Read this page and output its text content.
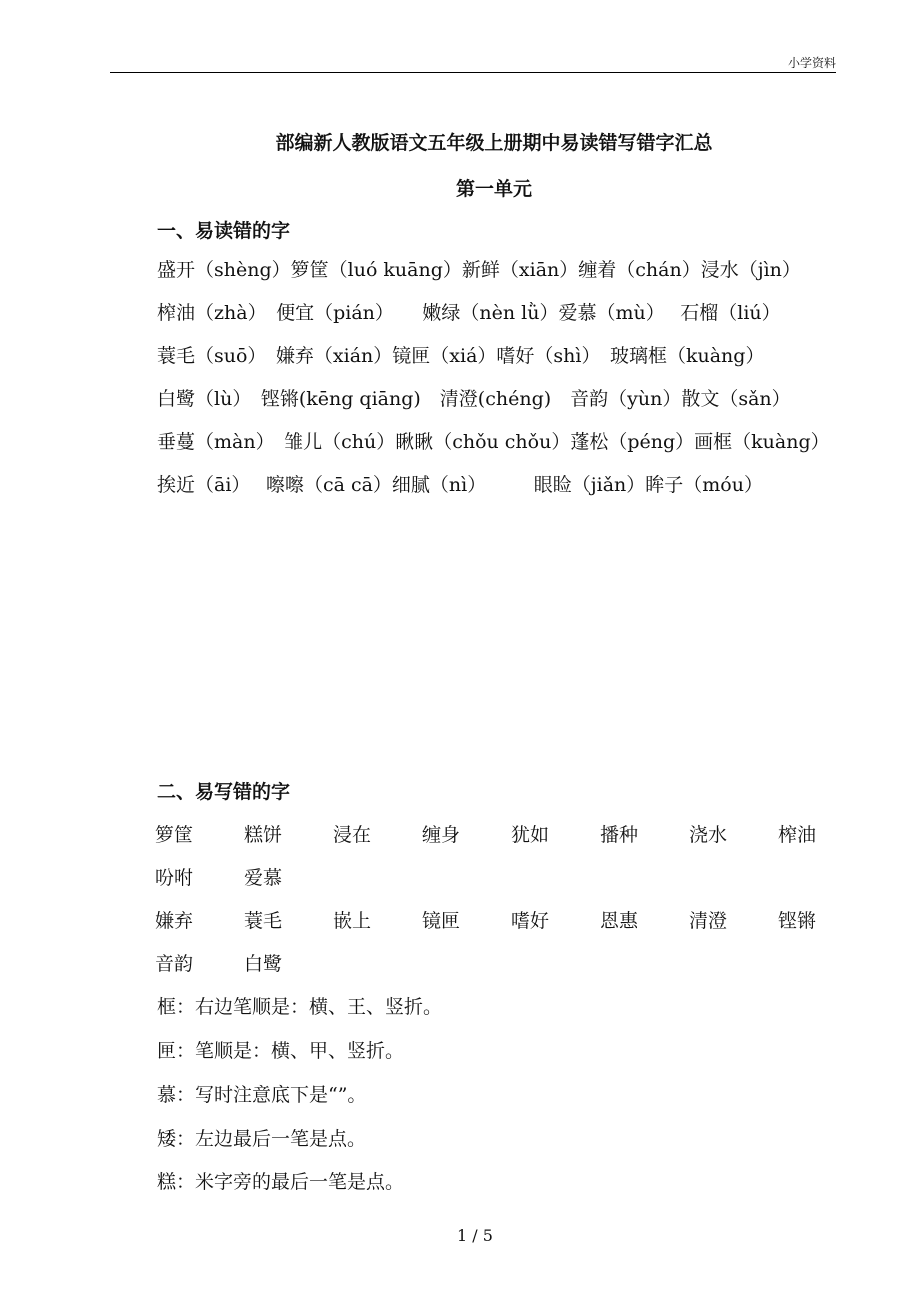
小学资料
部编新人教版语文五年级上册期中易读错写错字汇总
第一单元
一、易读错的字

盛开（shèng）箩筐（luó kuāng）新鲜（xiān）缠着（chán）浸水（jìn）

榨油（zhà）　便宜（pián）　　嫩绿（nèn lǜ）爱慕（mù）　 石榴（liú）

蓑毛（suō）　嫌弃（xián）镜匣（xiá）嗜好（shì）　玻璃框（kuàng）

白鹭（lù）　铿锵(kēng qiāng)　清澄(chéng)　音韵（yùn）散文（sǎn）

垂蔓（màn）　雏儿（chú）瞅瞅（chǒu chǒu）蓬松（péng）画框（kuàng）

挨近（āi）　 嚓嚓（cā cā）细腻（nì）　　　眼睑（jiǎn）眸子（móu）

二、易写错的字
箩筐	糕饼	浸在	缠身	犹如	播种	浇水	榨油
吩咐	爱慕
嫌弃	蓑毛	嵌上	镜匣	嗜好	恩惠	清澄	铿锵
音韵	白鹭
框：右边笔顺是：横、王、竖折。
匣：笔顺是：横、甲、竖折。
慕：写时注意底下是“”。
矮：左边最后一笔是点。
糕：米字旁的最后一笔是点。
1 / 5
